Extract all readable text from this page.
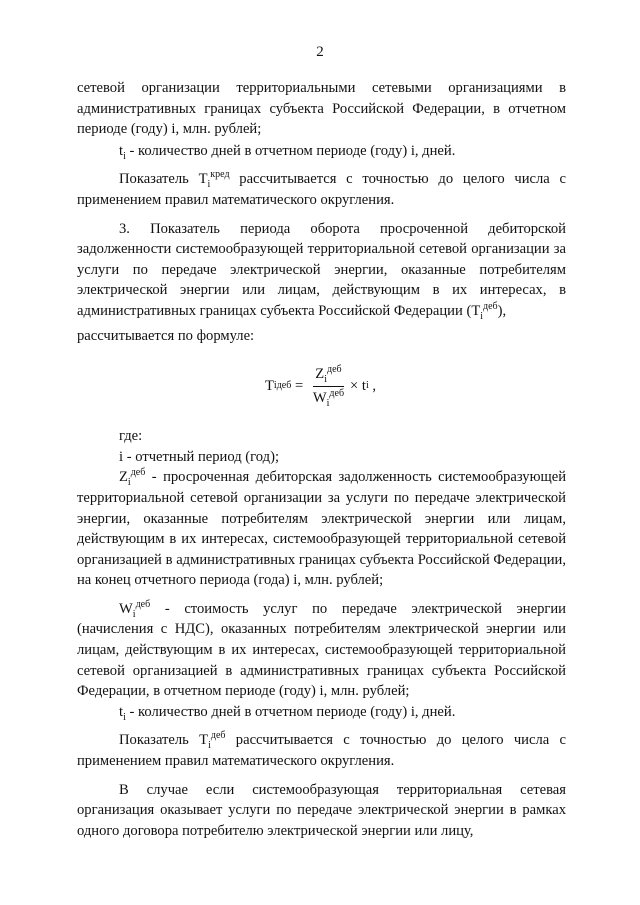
2

сетевой организации территориальными сетевыми организациями в административных границах субъекта Российской Федерации, в отчетном периоде (году) i, млн. рублей;

$t_i$ - количество дней в отчетном периоде (году) i, дней.

Показатель $T_i^{кред}$ рассчитывается с точностью до целого числа с применением правил математического округления.

3. Показатель периода оборота просроченной дебиторской задолженности системообразующей территориальной сетевой организации за услуги по передаче электрической энергии, оказанные потребителям электрической энергии или лицам, действующим в их интересах, в административных границах субъекта Российской Федерации $(T_i^{деб})$,

рассчитывается по формуле:

T i деб = $\frac{Z_i^{деб}}{W_i^{деб}} \times t$ i ,

где:

i - отчетный период (год);

$Z_i^{деб}$ - просроченная дебиторская задолженность системообразующей территориальной сетевой организации за услуги по передаче электрической энергии, оказанные потребителям электрической энергии или лицам, действующим в их интересах, системообразующей территориальной сетевой организацией в административных границах субъекта Российской Федерации, на конец отчетного периода (года) i, млн. рублей;

$W_i^{деб}$ - стоимость услуг по передаче электрической энергии (начисления с НДС), оказанных потребителям электрической энергии или лицам, действующим в их интересах, системообразующей территориальной сетевой организацией в административных границах субъекта Российской Федерации, в отчетном периоде (году) i, млн. рублей;

$t_i$ - количество дней в отчетном периоде (году) i, дней.

Показатель $T_i^{деб}$ рассчитывается с точностью до целого числа с применением правил математического округления.

В случае если системообразующая территориальная сетевая организация оказывает услуги по передаче электрической энергии в рамках одного договора потребителю электрической энергии или лицу,
